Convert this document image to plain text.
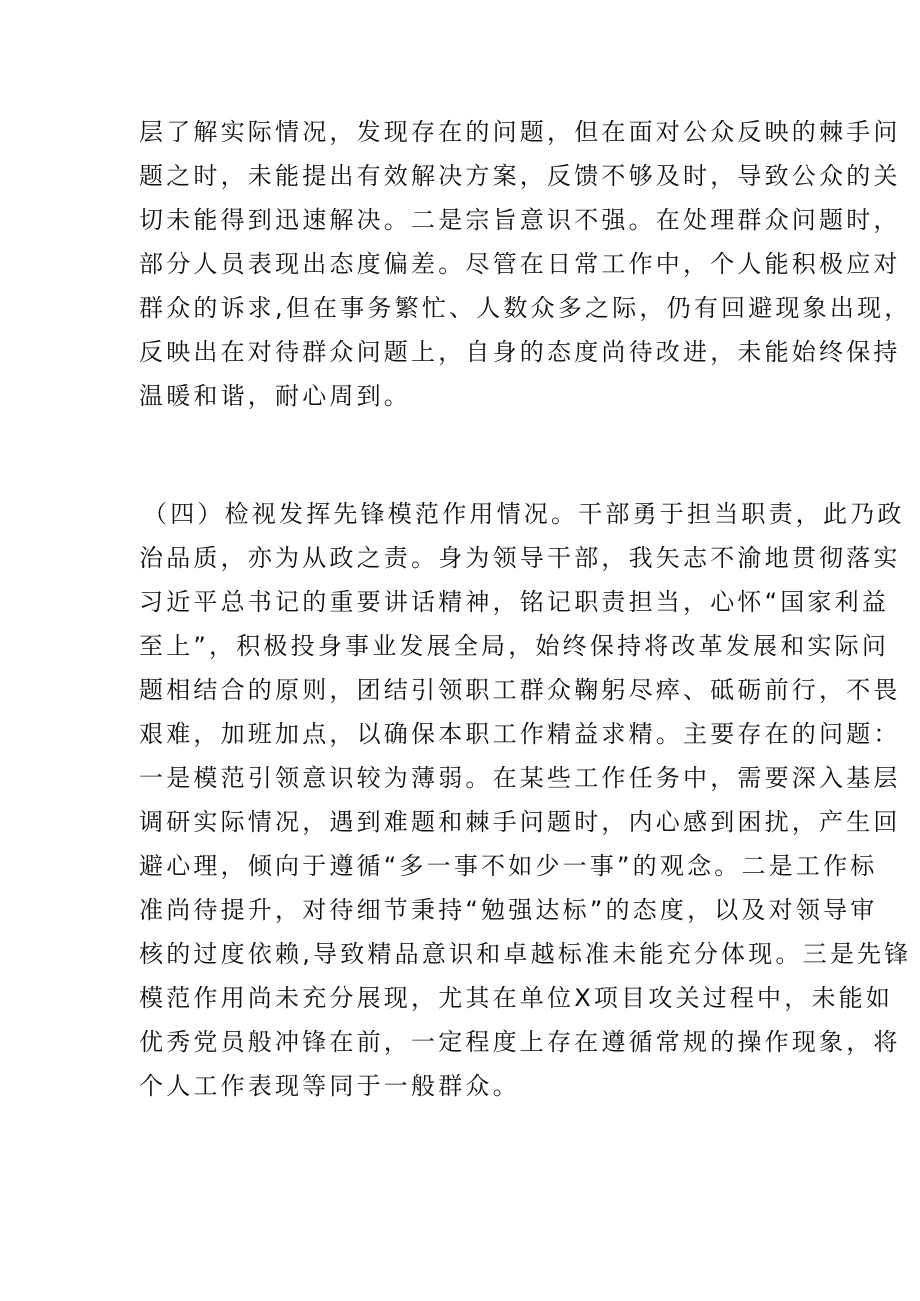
层了解实际情况，发现存在的问题，但在面对公众反映的棘手问
题之时，未能提出有效解决方案，反馈不够及时，导致公众的关
切未能得到迅速解决。二是宗旨意识不强。在处理群众问题时，
部分人员表现出态度偏差。尽管在日常工作中，个人能积极应对
群众的诉求,但在事务繁忙、人数众多之际，仍有回避现象出现，
反映出在对待群众问题上，自身的态度尚待改进，未能始终保持
温暖和谐，耐心周到。
（四）检视发挥先锋模范作用情况。干部勇于担当职责，此乃政
治品质，亦为从政之责。身为领导干部，我矢志不渝地贯彻落实
习近平总书记的重要讲话精神，铭记职责担当，心怀“国家利益
至上”，积极投身事业发展全局，始终保持将改革发展和实际问
题相结合的原则，团结引领职工群众鞠躬尽瘁、砥砺前行，不畏
艰难，加班加点，以确保本职工作精益求精。主要存在的问题：
一是模范引领意识较为薄弱。在某些工作任务中，需要深入基层
调研实际情况，遇到难题和棘手问题时，内心感到困扰，产生回
避心理，倾向于遵循“多一事不如少一事”的观念。二是工作标
准尚待提升，对待细节秉持“勉强达标”的态度，以及对领导审
核的过度依赖,导致精品意识和卓越标准未能充分体现。三是先锋
模范作用尚未充分展现，尤其在单位X项目攻关过程中，未能如
优秀党员般冲锋在前，一定程度上存在遵循常规的操作现象，将
个人工作表现等同于一般群众。
